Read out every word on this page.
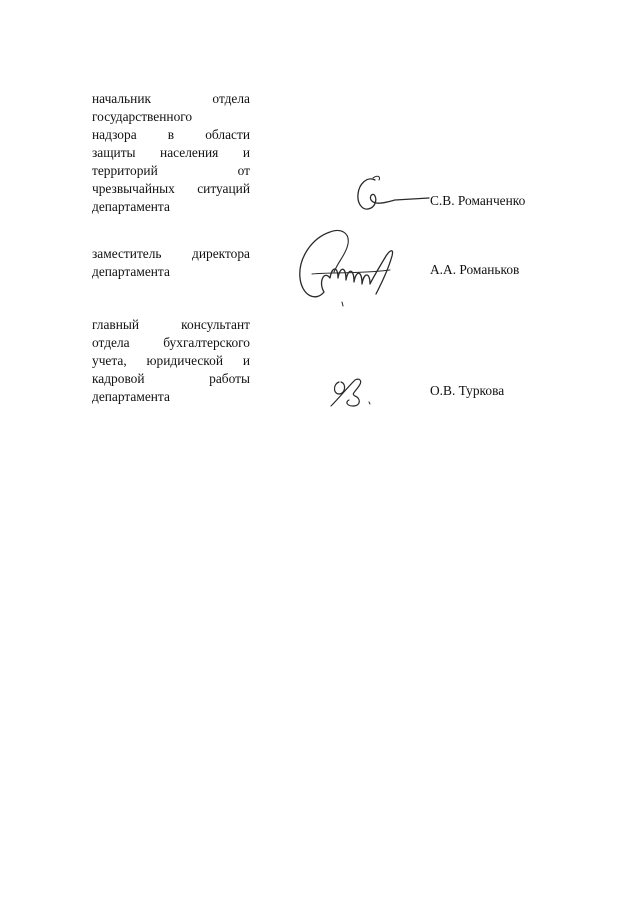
начальник отдела
государственного
надзора в области
защиты населения и
территорий от
чрезвычайных ситуаций
департамента	С.В. Романченко
заместитель директора
департамента	А.А. Романьков
главный консультант
отдела бухгалтерского
учета, юридической и
кадровой работы
департамента	О.В. Туркова
